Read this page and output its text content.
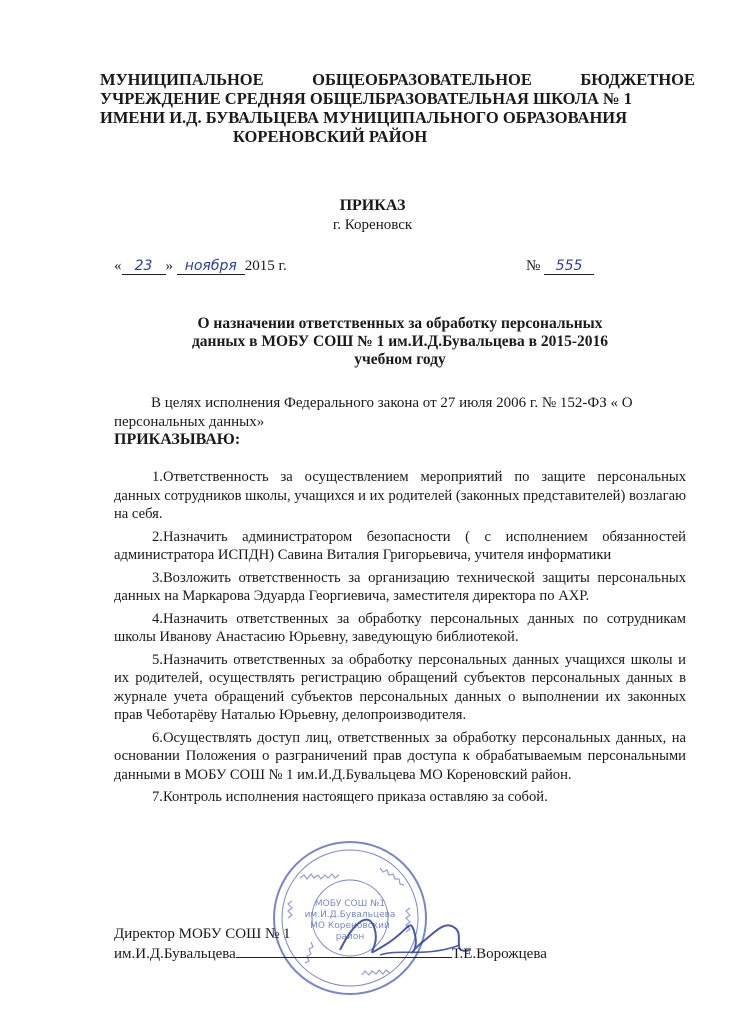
МУНИЦИПАЛЬНОЕ ОБЩЕОБРАЗОВАТЕЛЬНОЕ БЮДЖЕТНОЕ
УЧРЕЖДЕНИЕ СРЕДНЯЯ ОБЩЕЛБРАЗОВАТЕЛЬНАЯ ШКОЛА № 1
ИМЕНИ И.Д. БУВАЛЬЦЕВА МУНИЦИПАЛЬНОГО ОБРАЗОВАНИЯ
КОРЕНОВСКИЙ РАЙОН
ПРИКАЗ
г. Кореновск
« 23 » ноября 2015 г.	№ 555
О назначении ответственных за обработку персональных
данных в МОБУ СОШ № 1 им.И.Д.Бувальцева в 2015-2016
учебном году
В целях исполнения Федерального закона от 27 июля 2006 г. № 152-ФЗ « О персональных данных»
ПРИКАЗЫВАЮ:
1.Ответственность за осуществлением мероприятий по защите персональных данных сотрудников школы, учащихся и их родителей (законных представителей) возлагаю на себя.
2.Назначить администратором безопасности ( с исполнением обязанностей администратора ИСПДН) Савина Виталия Григорьевича, учителя информатики
3.Возложить ответственность за организацию технической защиты персональных данных на Маркарова Эдуарда Георгиевича, заместителя директора по АХР.
4.Назначить ответственных за обработку персональных данных по сотрудникам школы Иванову Анастасию Юрьевну, заведующую библиотекой.
5.Назначить ответственных за обработку персональных данных учащихся школы и их родителей, осуществлять регистрацию обращений субъектов персональных данных в журнале учета обращений субъектов персональных данных о выполнении их законных прав Чеботарёву Наталью Юрьевну, делопроизводителя.
6.Осуществлять доступ лиц, ответственных за обработку персональных данных, на основании Положения о разграничений прав доступа к обрабатываемым персональными данными в МОБУ СОШ № 1 им.И.Д.Бувальцева МО Кореновский район.
7.Контроль исполнения настоящего приказа оставляю за собой.
МОБУ СОШ №1
им.И.Д.Бувальцева
МО Кореновский
район
Директор МОБУ СОШ № 1
им.И.Д.Бувальцева	Т.Е.Ворожцева
